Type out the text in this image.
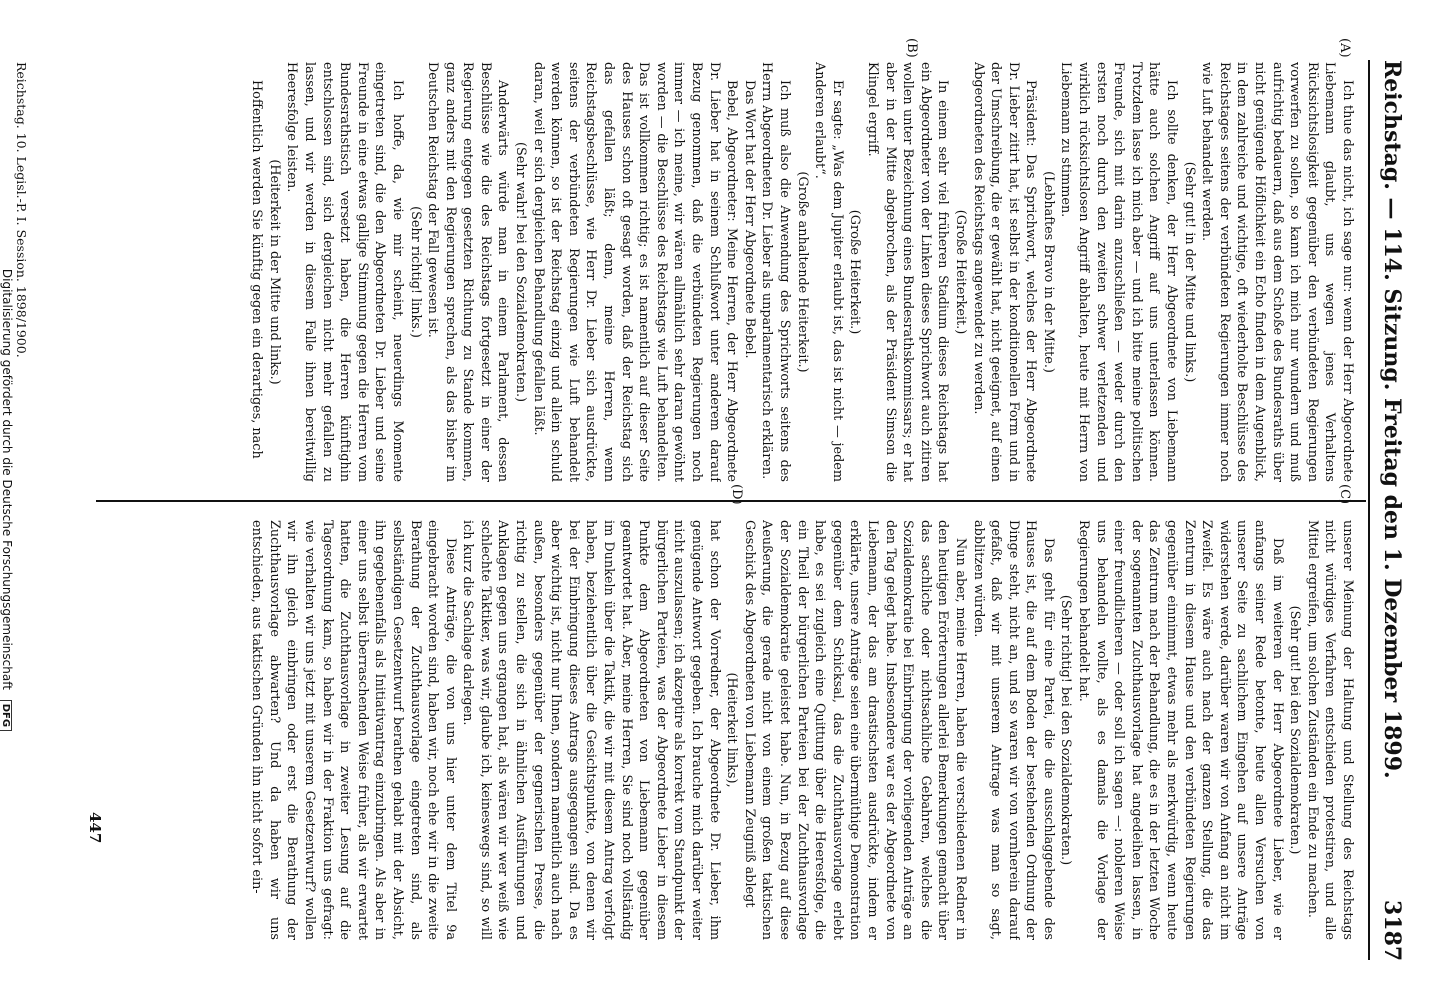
Reichstag. — 114. Sitzung. Freitag den 1. Dezember 1899.
3187
(A)
(B)
(C)
(D)

Ich thue das nicht, ich sage nur: wenn der Herr Abgeordnete Liebemann glaubt, uns wegen jenes Verhaltens Rücksichtslosigkeit gegenüber den verbündeten Regierungen vorwerfen zu sollen, so kann ich mich nur wundern und muß aufrichtig bedauern, daß aus dem Schoße des Bundesraths über nicht genügende Höflichkeit ein Echo finden in dem Augenblick, in dem zahlreiche und wichtige, oft wiederholte Beschlüsse des Reichstages seitens der verbündeten Regierungen immer noch wie Luft behandelt werden.

(Sehr gut! in der Mitte und links.)

Ich sollte denken, der Herr Abgeordnete von Liebemann hätte auch solchen Angriff auf uns unterlassen können. Trotzdem lasse ich mich aber — und ich bitte meine politischen Freunde, sich mit darin anzuschließen — weder durch den ersten noch durch den zweiten schwer verletzenden und wirklich rücksichtslosen Angriff abhalten, heute mit Herrn von Liebemann zu stimmen.

(Lebhaftes Bravo in der Mitte.)

Präsident: Das Sprichwort, welches der Herr Abgeordnete Dr. Lieber zitirt hat, ist selbst in der konditionellen Form und in der Umschreibung, die er gewählt hat, nicht geeignet, auf einen Abgeordneten des Reichstags angewendet zu werden.

(Große Heiterkeit.)

In einem sehr viel früheren Stadium dieses Reichstags hat ein Abgeordneter von der Linken dieses Sprichwort auch zitiren wollen unter Bezeichnung eines Bundesrathskommissars; er hat aber in der Mitte abgebrochen, als der Präsident Simson die Klingel ergriff.

(Große Heiterkeit.)

Er sagte: „Was dem Jupiter erlaubt ist, das ist nicht — jedem Anderen erlaubt“.

(Große anhaltende Heiterkeit.)

Ich muß also die Anwendung des Sprichworts seitens des Herrn Abgeordneten Dr. Lieber als unparlamentarisch erklären.

Das Wort hat der Herr Abgeordnete Bebel.

Bebel, Abgeordneter: Meine Herren, der Herr Abgeordnete Dr. Lieber hat in seinem Schlußwort unter anderem darauf Bezug genommen, daß die verbündeten Regierungen noch immer — ich meine, wir wären allmählich sehr daran gewöhnt worden — die Beschlüsse des Reichstags wie Luft behandelten. Das ist vollkommen richtig; es ist namentlich auf dieser Seite des Hauses schon oft gesagt worden, daß der Reichstag sich das gefallen läßt; denn, meine Herren, wenn Reichstagsbeschlüsse, wie Herr Dr. Lieber sich ausdrückte, seitens der verbündeten Regierungen wie Luft behandelt werden können, so ist der Reichstag einzig und allein schuld daran, weil er sich dergleichen Behandlung gefallen läßt.

(Sehr wahr! bei den Sozialdemokraten.)

Anderwärts würde man in einem Parlament, dessen Beschlüsse wie die des Reichstags fortgesetzt in einer der Regierung entgegen gesetzten Richtung zu Stande kommen, ganz anders mit den Regierungen sprechen, als das bisher im Deutschen Reichstag der Fall gewesen ist.

(Sehr richtig! links.)

Ich hoffe, da, wie mir scheint, neuerdings Momente eingetreten sind, die den Abgeordneten Dr. Lieber und seine Freunde in eine etwas gallige Stimmung gegen die Herren vom Bundesrathstisch versetzt haben, die Herren künftighin entschlossen sind, sich dergleichen nicht mehr gefallen zu lassen, und wir werden in diesem Falle ihnen bereitwillig Heeresfolge leisten.

(Heiterkeit in der Mitte und links.)

Hoffentlich werden Sie künftig gegen ein derartiges, nach

unserer Meinung der Haltung und Stellung des Reichstags nicht würdiges Verfahren entschieden protestiren, und alle Mittel ergreifen, um solchen Zuständen ein Ende zu machen.

(Sehr gut! bei den Sozialdemokraten.)

Daß im weiteren der Herr Abgeordnete Lieber, wie er anfangs seiner Rede betonte, heute allen Versuchen von unserer Seite zu sachlichem Eingehen auf unsere Anträge widerstehen werde, darüber waren wir von Anfang an nicht im Zweifel. Es wäre auch nach der ganzen Stellung, die das Zentrum in diesem Hause und den verbündeten Regierungen gegenüber einnimmt, etwas mehr als merkwürdig, wenn heute das Zentrum nach der Behandlung, die es in der letzten Woche der sogenannten Zuchthausvorlage hat angedeihen lassen, in einer freundlicheren — oder soll ich sagen —: nobleren Weise uns behandeln wollte, als es damals die Vorlage der Regierungen behandelt hat.

(Sehr richtig! bei den Sozialdemokraten.)

Das geht für eine Partei, die die ausschlaggebende des Hauses ist, die auf dem Boden der bestehenden Ordnung der Dinge steht, nicht an, und so waren wir von vornherein darauf gefaßt, daß wir mit unserem Antrage was man so sagt, abblitzen würden.

Nun aber, meine Herren, haben die verschiedenen Redner in den heutigen Erörterungen allerlei Bemerkungen gemacht über das sachliche oder nichtsachliche Gebahren, welches die Sozialdemokratie bei Einbringung der vorliegenden Anträge an den Tag gelegt habe. Insbesondere war es der Abgeordnete von Liebemann, der das am drastischsten ausdrückte, indem er erklärte, unsere Anträge seien eine übermüthige Demonstration gegenüber dem Schicksal, das die Zuchthausvorlage erlebt habe, es sei zugleich eine Quittung über die Heeresfolge, die ein Theil der bürgerlichen Parteien bei der Zuchthausvorlage der Sozialdemokratie geleistet habe. Nun, in Bezug auf diese Aeußerung, die gerade nicht von einem großen taktischen Geschick des Abgeordneten von Liebemann Zeugniß ablegt

(Heiterkeit links),

hat schon der Vorredner, der Abgeordnete Dr. Lieber, ihm genügende Antwort gegeben. Ich brauche mich darüber weiter nicht auszulassen; ich akzeptire als korrekt vom Standpunkt der bürgerlichen Parteien, was der Abgeordnete Lieber in diesem Punkte dem Abgeordneten von Liebemann gegenüber geantwortet hat. Aber, meine Herren, Sie sind noch vollständig im Dunkeln über die Taktik, die wir mit diesem Antrag verfolgt haben, beziehentlich über die Gesichtspunkte, von denen wir bei der Einbringung dieses Antrags ausgegangen sind. Da es aber wichtig ist, nicht nur Ihnen, sondern namentlich auch nach außen, besonders gegenüber der gegnerischen Presse, die richtig zu stellen, die sich in ähnlichen Ausführungen und Anklagen gegen uns ergangen hat, als wären wir wer weiß wie schlechte Taktiker, was wir, glaube ich, keineswegs sind, so will ich kurz die Sachlage darlegen.

Diese Anträge, die von uns hier unter dem Titel 9a eingebracht worden sind, haben wir, noch ehe wir in die zweite Berathung der Zuchthausvorlage eingetreten sind, als selbständigen Gesetzentwurf berathen gehabt mit der Absicht, ihn gegebenenfalls als Initiativantrag einzubringen. Als aber in einer uns selbst überraschenden Weise früher, als wir erwartet hatten, die Zuchthausvorlage in zweiter Lesung auf die Tagesordnung kam, so haben wir in der Fraktion uns gefragt: wie verhalten wir uns jetzt mit unserem Gesetzentwurf? wollen wir ihn gleich einbringen oder erst die Berathung der Zuchthausvorlage abwarten? Und da haben wir uns entschieden, aus taktischen Gründen ihn nicht sofort ein-

447
Reichstag. 10. Legisl.-P. I. Session. 1898/1900.
Digitalisierung gefördert durch die Deutsche Forschungsgemeinschaft DFG
